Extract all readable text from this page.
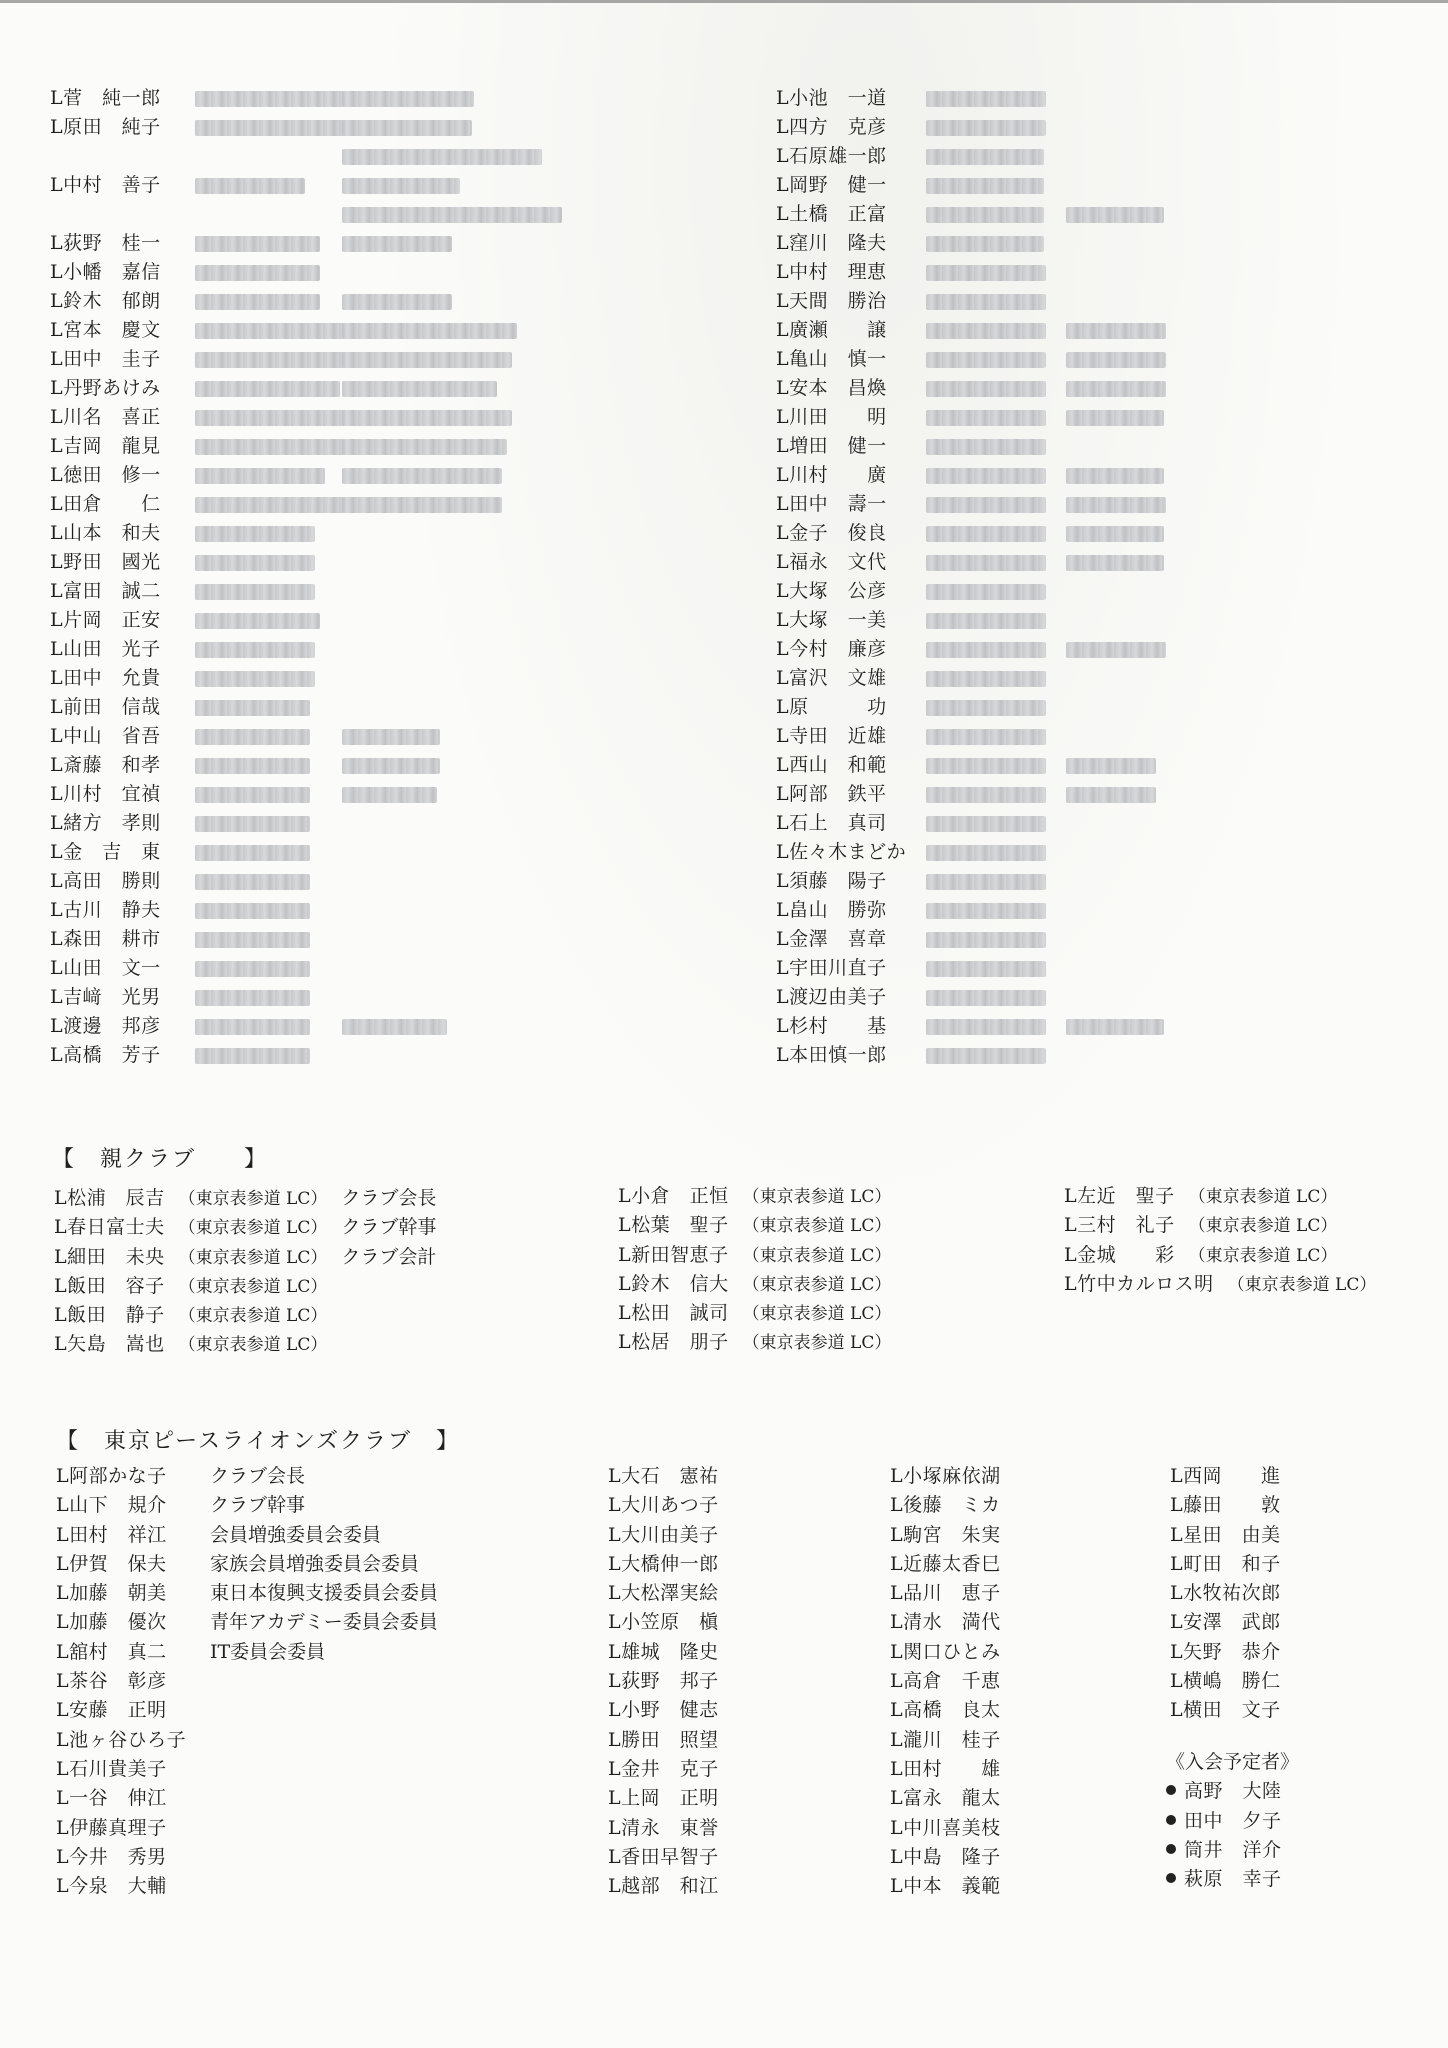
L菅　純一郎
L原田　純子
L中村　善子
L荻野　桂一
L小幡　嘉信
L鈴木　郁朗
L宮本　慶文
L田中　圭子
L丹野あけみ
L川名　喜正
L吉岡　龍見
L徳田　修一
L田倉　　仁
L山本　和夫
L野田　國光
L富田　誠二
L片岡　正安
L山田　光子
L田中　允貴
L前田　信哉
L中山　省吾
L斎藤　和孝
L川村　宜禎
L緒方　孝則
L金　吉　東
L高田　勝則
L古川　静夫
L森田　耕市
L山田　文一
L吉﨑　光男
L渡邊　邦彦
L高橋　芳子
L小池　一道
L四方　克彦
L石原雄一郎
L岡野　健一
L土橋　正富
L窪川　隆夫
L中村　理恵
L天間　勝治
L廣瀬　　譲
L亀山　慎一
L安本　昌煥
L川田　　明
L増田　健一
L川村　　廣
L田中　壽一
L金子　俊良
L福永　文代
L大塚　公彦
L大塚　一美
L今村　廉彦
L富沢　文雄
L原　　　功
L寺田　近雄
L西山　和範
L阿部　鉄平
L石上　真司
L佐々木まどか
L須藤　陽子
L畠山　勝弥
L金澤　喜章
L宇田川直子
L渡辺由美子
L杉村　　基
L本田慎一郎
【　親クラブ　　】
L松浦　辰吉 （東京表参道 LC） クラブ会長
L春日富士夫 （東京表参道 LC） クラブ幹事
L細田　未央 （東京表参道 LC） クラブ会計
L飯田　容子 （東京表参道 LC）
L飯田　静子 （東京表参道 LC）
L矢島　嵩也 （東京表参道 LC）
L小倉　正恒 （東京表参道 LC）
L松葉　聖子 （東京表参道 LC）
L新田智恵子 （東京表参道 LC）
L鈴木　信大 （東京表参道 LC）
L松田　誠司 （東京表参道 LC）
L松居　朋子 （東京表参道 LC）
L左近　聖子 （東京表参道 LC）
L三村　礼子 （東京表参道 LC）
L金城　　彩 （東京表参道 LC）
L竹中カルロス明 （東京表参道 LC）
【　東京ピースライオンズクラブ　】
L阿部かな子 クラブ会長
L山下　規介 クラブ幹事
L田村　祥江 会員増強委員会委員
L伊賀　保夫 家族会員増強委員会委員
L加藤　朝美 東日本復興支援委員会委員
L加藤　優次 青年アカデミー委員会委員
L舘村　真二 IT委員会委員
L茶谷　彰彦
L安藤　正明
L池ヶ谷ひろ子
L石川貴美子
L一谷　伸江
L伊藤真理子
L今井　秀男
L今泉　大輔
L大石　憲祐
L大川あつ子
L大川由美子
L大橋伸一郎
L大松澤実絵
L小笠原　槇
L雄城　隆史
L荻野　邦子
L小野　健志
L勝田　照望
L金井　克子
L上岡　正明
L清永　東誉
L香田早智子
L越部　和江
L小塚麻依湖
L後藤　ミカ
L駒宮　朱実
L近藤太香巳
L品川　恵子
L清水　満代
L関口ひとみ
L高倉　千恵
L高橋　良太
L瀧川　桂子
L田村　　雄
L富永　龍太
L中川喜美枝
L中島　隆子
L中本　義範
L西岡　　進
L藤田　　敦
L星田　由美
L町田　和子
L水牧祐次郎
L安澤　武郎
L矢野　恭介
L横嶋　勝仁
L横田　文子
《入会予定者》
高野　大陸
田中　夕子
筒井　洋介
萩原　幸子
